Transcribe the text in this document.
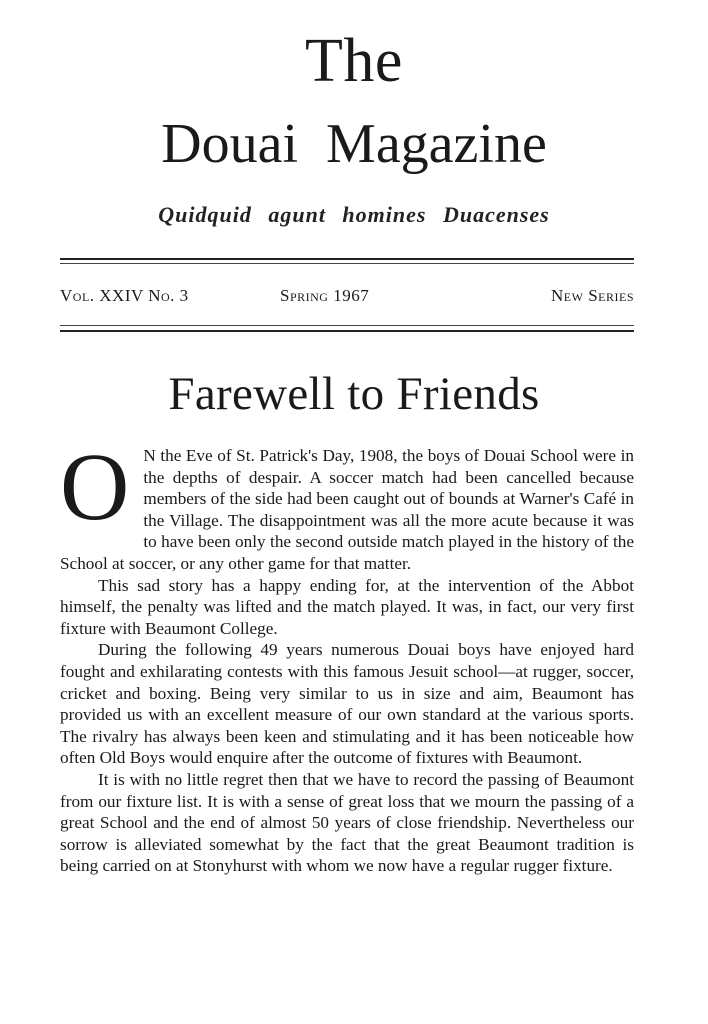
The
Douai Magazine
Quidquid agunt homines Duacenses
Vol. XXIV No. 3	Spring 1967	New Series
Farewell to Friends

O N the Eve of St. Patrick's Day, 1908, the boys of Douai School were in the depths of despair. A soccer match had been cancelled because members of the side had been caught out of bounds at Warner's Café in the Village. The disappointment was all the more acute because it was to have been only the second outside match played in the history of the School at soccer, or any other game for that matter.

This sad story has a happy ending for, at the intervention of the Abbot himself, the penalty was lifted and the match played. It was, in fact, our very first fixture with Beaumont College.

During the following 49 years numerous Douai boys have enjoyed hard fought and exhilarating contests with this famous Jesuit school—at rugger, soccer, cricket and boxing. Being very similar to us in size and aim, Beaumont has provided us with an excellent measure of our own standard at the various sports. The rivalry has always been keen and stimulating and it has been noticeable how often Old Boys would enquire after the outcome of fixtures with Beaumont.

It is with no little regret then that we have to record the passing of Beaumont from our fixture list. It is with a sense of great loss that we mourn the passing of a great School and the end of almost 50 years of close friendship. Nevertheless our sorrow is alleviated somewhat by the fact that the great Beaumont tradition is being carried on at Stonyhurst with whom we now have a regular rugger fixture.
